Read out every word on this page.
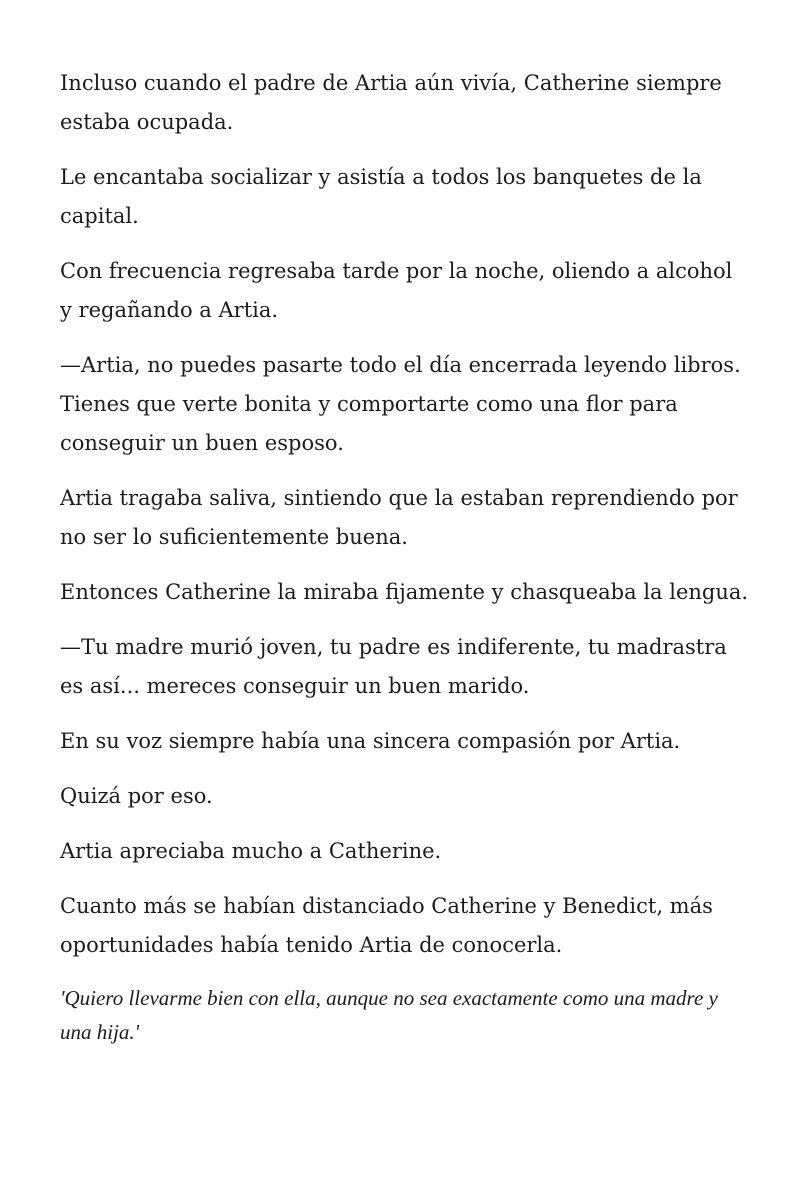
Incluso cuando el padre de Artia aún vivía, Catherine siempre estaba ocupada.

Le encantaba socializar y asistía a todos los banquetes de la capital.

Con frecuencia regresaba tarde por la noche, oliendo a alcohol y regañando a Artia.

—Artia, no puedes pasarte todo el día encerrada leyendo libros. Tienes que verte bonita y comportarte como una flor para conseguir un buen esposo.

Artia tragaba saliva, sintiendo que la estaban reprendiendo por no ser lo suficientemente buena.

Entonces Catherine la miraba fijamente y chasqueaba la lengua.

—Tu madre murió joven, tu padre es indiferente, tu madrastra es así... mereces conseguir un buen marido.

En su voz siempre había una sincera compasión por Artia.

Quizá por eso.

Artia apreciaba mucho a Catherine.

Cuanto más se habían distanciado Catherine y Benedict, más oportunidades había tenido Artia de conocerla.

'Quiero llevarme bien con ella, aunque no sea exactamente como una madre y una hija.'
